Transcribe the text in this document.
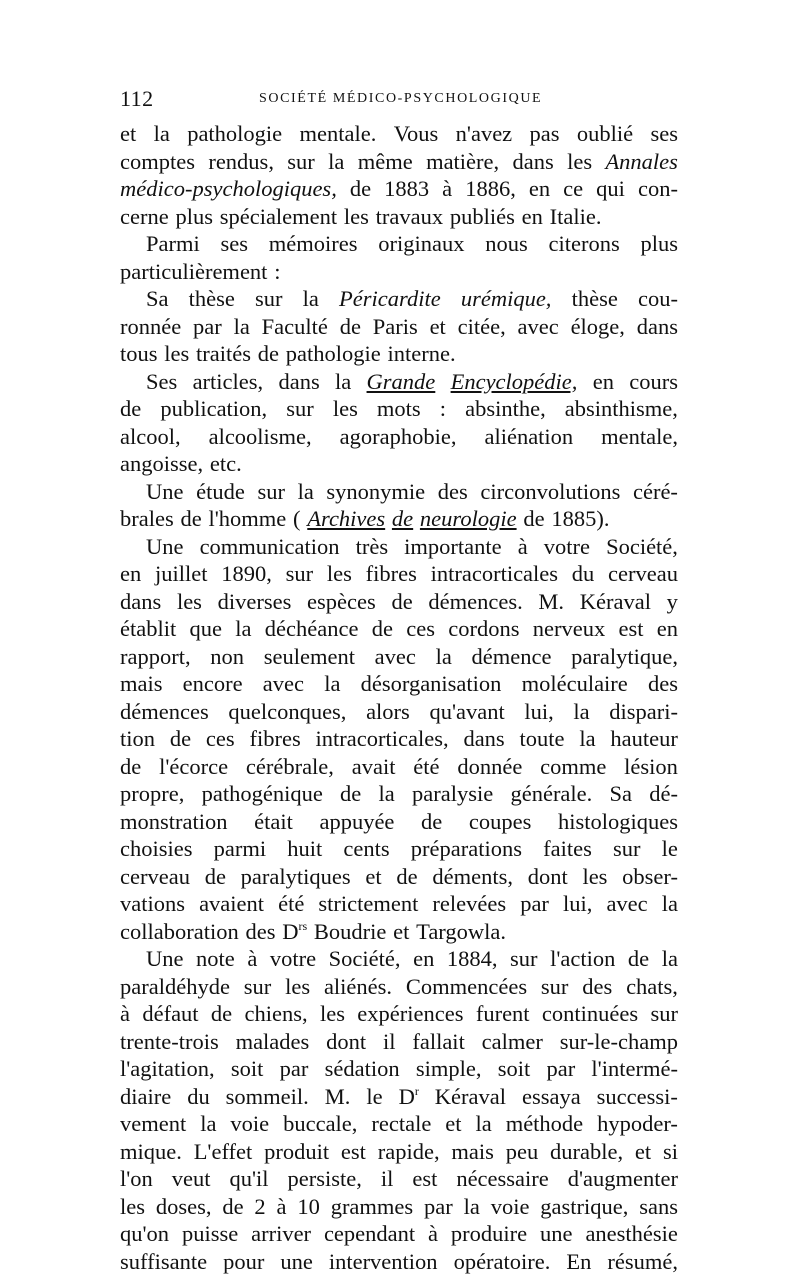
112	SOCIÉTÉ MÉDICO-PSYCHOLOGIQUE
et la pathologie mentale. Vous n'avez pas oublié ses
comptes rendus, sur la même matière, dans les Annales
médico-psychologiques, de 1883 à 1886, en ce qui con-
cerne plus spécialement les travaux publiés en Italie.
Parmi ses mémoires originaux nous citerons plus
particulièrement :
Sa thèse sur la Péricardite urémique, thèse cou-
ronnée par la Faculté de Paris et citée, avec éloge, dans
tous les traités de pathologie interne.
Ses articles, dans la Grande Encyclopédie, en cours
de publication, sur les mots : absinthe, absinthisme,
alcool, alcoolisme, agoraphobie, aliénation mentale,
angoisse, etc.
Une étude sur la synonymie des circonvolutions céré-
brales de l'homme ( Archives de neurologie de 1885).
Une communication très importante à votre Société,
en juillet 1890, sur les fibres intracorticales du cerveau
dans les diverses espèces de démences. M. Kéraval y
établit que la déchéance de ces cordons nerveux est en
rapport, non seulement avec la démence paralytique,
mais encore avec la désorganisation moléculaire des
démences quelconques, alors qu'avant lui, la dispari-
tion de ces fibres intracorticales, dans toute la hauteur
de l'écorce cérébrale, avait été donnée comme lésion
propre, pathogénique de la paralysie générale. Sa dé-
monstration était appuyée de coupes histologiques
choisies parmi huit cents préparations faites sur le
cerveau de paralytiques et de déments, dont les obser-
vations avaient été strictement relevées par lui, avec la
collaboration des $D^{rs}$ Boudrie et Targowla.
Une note à votre Société, en 1884, sur l'action de la
paraldéhyde sur les aliénés. Commencées sur des chats,
à défaut de chiens, les expériences furent continuées sur
trente-trois malades dont il fallait calmer sur-le-champ
l'agitation, soit par sédation simple, soit par l'intermé-
diaire du sommeil. M. le $D^r$ Kéraval essaya successi-
vement la voie buccale, rectale et la méthode hypoder-
mique. L'effet produit est rapide, mais peu durable, et si
l'on veut qu'il persiste, il est nécessaire d'augmenter
les doses, de 2 à 10 grammes par la voie gastrique, sans
qu'on puisse arriver cependant à produire une anesthésie
suffisante pour une intervention opératoire. En résumé,
